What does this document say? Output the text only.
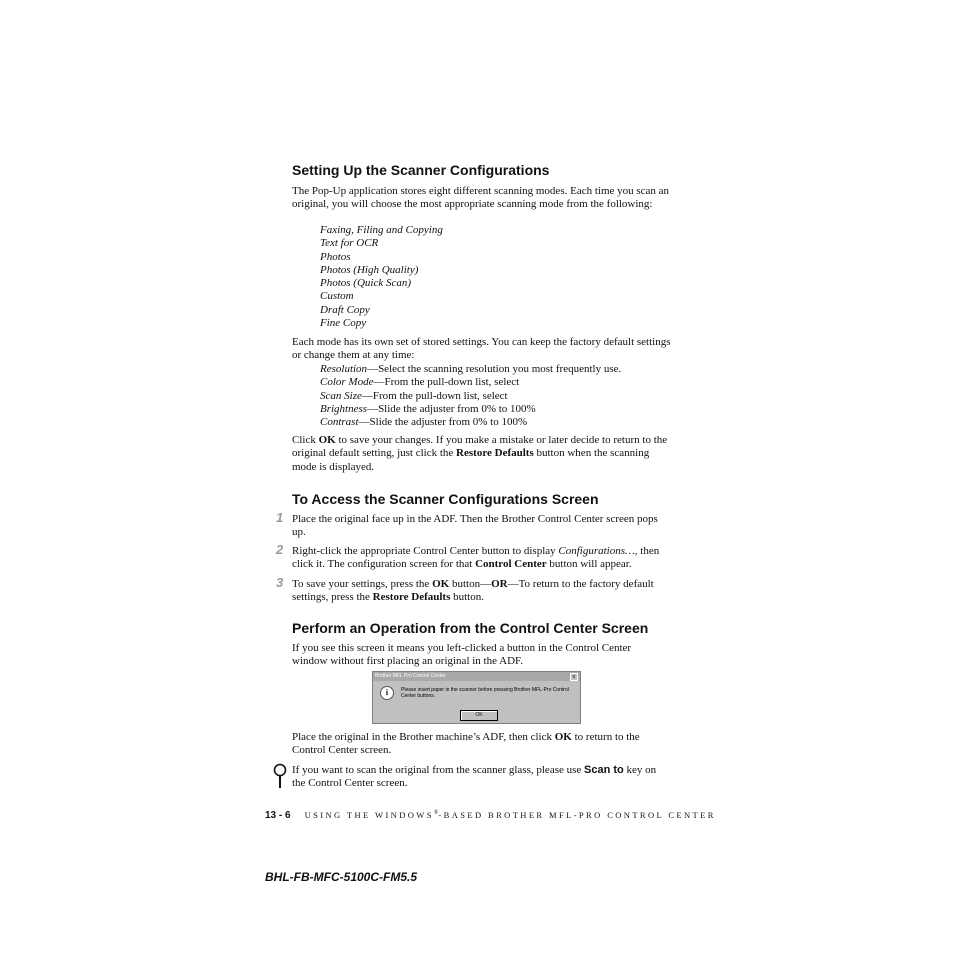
Setting Up the Scanner Configurations
The Pop-Up application stores eight different scanning modes. Each time you scan an original, you will choose the most appropriate scanning mode from the following:
Faxing, Filing and Copying
Text for OCR
Photos
Photos (High Quality)
Photos (Quick Scan)
Custom
Draft Copy
Fine Copy
Each mode has its own set of stored settings. You can keep the factory default settings or change them at any time:
Resolution—Select the scanning resolution you most frequently use.
Color Mode—From the pull-down list, select
Scan Size—From the pull-down list, select
Brightness—Slide the adjuster from 0% to 100%
Contrast—Slide the adjuster from 0% to 100%
Click OK to save your changes. If you make a mistake or later decide to return to the original default setting, just click the Restore Defaults button when the scanning mode is displayed.
To Access the Scanner Configurations Screen
1 Place the original face up in the ADF. Then the Brother Control Center screen pops up.
2 Right-click the appropriate Control Center button to display Configurations…, then click it. The configuration screen for that Control Center button will appear.
3 To save your settings, press the OK button—OR—To return to the factory default settings, press the Restore Defaults button.
Perform an Operation from the Control Center Screen
If you see this screen it means you left-clicked a button in the Control Center window without first placing an original in the ADF.
Brother MFL Pro Control Center	x
i	Please insert paper in the scanner before pressing Brother MFL-Pro Control Center buttons.
OK
Place the original in the Brother machine’s ADF, then click OK to return to the Control Center screen.
If you want to scan the original from the scanner glass, please use Scan to key on the Control Center screen.
13 - 6 USING THE WINDOWS®-BASED BROTHER MFL-PRO CONTROL CENTER
BHL-FB-MFC-5100C-FM5.5
